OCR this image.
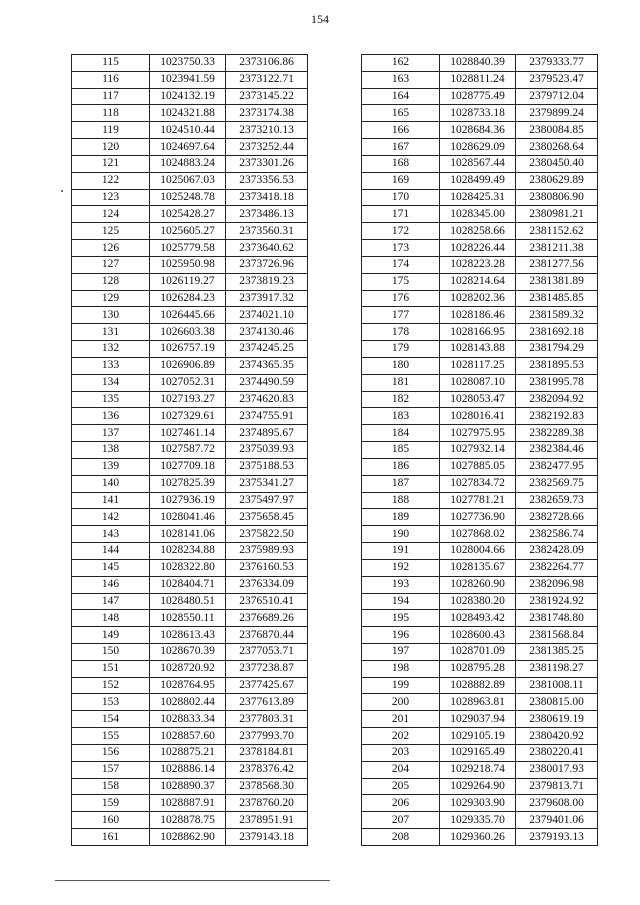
154
115	1023750.33	2373106.86
116	1023941.59	2373122.71
117	1024132.19	2373145.22
118	1024321.88	2373174.38
119	1024510.44	2373210.13
120	1024697.64	2373252.44
121	1024883.24	2373301.26
122	1025067.03	2373356.53
123	1025248.78	2373418.18
124	1025428.27	2373486.13
125	1025605.27	2373560.31
126	1025779.58	2373640.62
127	1025950.98	2373726.96
128	1026119.27	2373819.23
129	1026284.23	2373917.32
130	1026445.66	2374021.10
131	1026603.38	2374130.46
132	1026757.19	2374245.25
133	1026906.89	2374365.35
134	1027052.31	2374490.59
135	1027193.27	2374620.83
136	1027329.61	2374755.91
137	1027461.14	2374895.67
138	1027587.72	2375039.93
139	1027709.18	2375188.53
140	1027825.39	2375341.27
141	1027936.19	2375497.97
142	1028041.46	2375658.45
143	1028141.06	2375822.50
144	1028234.88	2375989.93
145	1028322.80	2376160.53
146	1028404.71	2376334.09
147	1028480.51	2376510.41
148	1028550.11	2376689.26
149	1028613.43	2376870.44
150	1028670.39	2377053.71
151	1028720.92	2377238.87
152	1028764.95	2377425.67
153	1028802.44	2377613.89
154	1028833.34	2377803.31
155	1028857.60	2377993.70
156	1028875.21	2378184.81
157	1028886.14	2378376.42
158	1028890.37	2378568.30
159	1028887.91	2378760.20
160	1028878.75	2378951.91
161	1028862.90	2379143.18
162	1028840.39	2379333.77
163	1028811.24	2379523.47
164	1028775.49	2379712.04
165	1028733.18	2379899.24
166	1028684.36	2380084.85
167	1028629.09	2380268.64
168	1028567.44	2380450.40
169	1028499.49	2380629.89
170	1028425.31	2380806.90
171	1028345.00	2380981.21
172	1028258.66	2381152.62
173	1028226.44	2381211.38
174	1028223.28	2381277.56
175	1028214.64	2381381.89
176	1028202.36	2381485.85
177	1028186.46	2381589.32
178	1028166.95	2381692.18
179	1028143.88	2381794.29
180	1028117.25	2381895.53
181	1028087.10	2381995.78
182	1028053.47	2382094.92
183	1028016.41	2382192.83
184	1027975.95	2382289.38
185	1027932.14	2382384.46
186	1027885.05	2382477.95
187	1027834.72	2382569.75
188	1027781.21	2382659.73
189	1027736.90	2382728.66
190	1027868.02	2382586.74
191	1028004.66	2382428.09
192	1028135.67	2382264.77
193	1028260.90	2382096.98
194	1028380.20	2381924.92
195	1028493.42	2381748.80
196	1028600.43	2381568.84
197	1028701.09	2381385.25
198	1028795.28	2381198.27
199	1028882.89	2381008.11
200	1028963.81	2380815.00
201	1029037.94	2380619.19
202	1029105.19	2380420.92
203	1029165.49	2380220.41
204	1029218.74	2380017.93
205	1029264.90	2379813.71
206	1029303.90	2379608.00
207	1029335.70	2379401.06
208	1029360.26	2379193.13
